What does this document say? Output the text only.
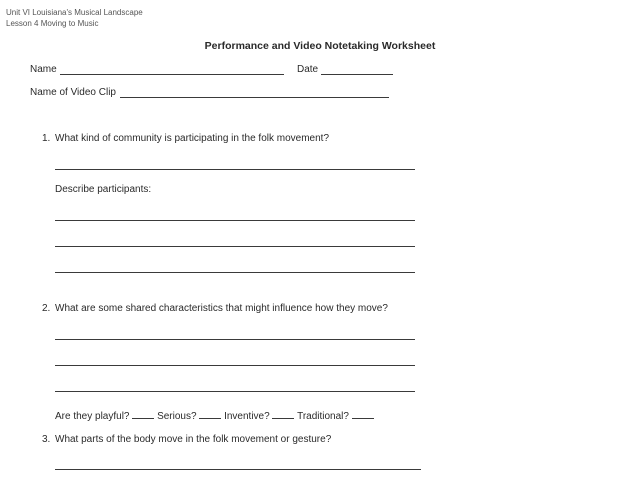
Unit VI Louisiana's Musical Landscape
Lesson 4 Moving to Music
Performance and Video Notetaking Worksheet
Name	Date
Name of Video Clip
1. What kind of community is participating in the folk movement?
Describe participants:
2. What are some shared characteristics that might influence how they move?
Are they playful?	Serious?	Inventive?	Traditional?
3. What parts of the body move in the folk movement or gesture?
